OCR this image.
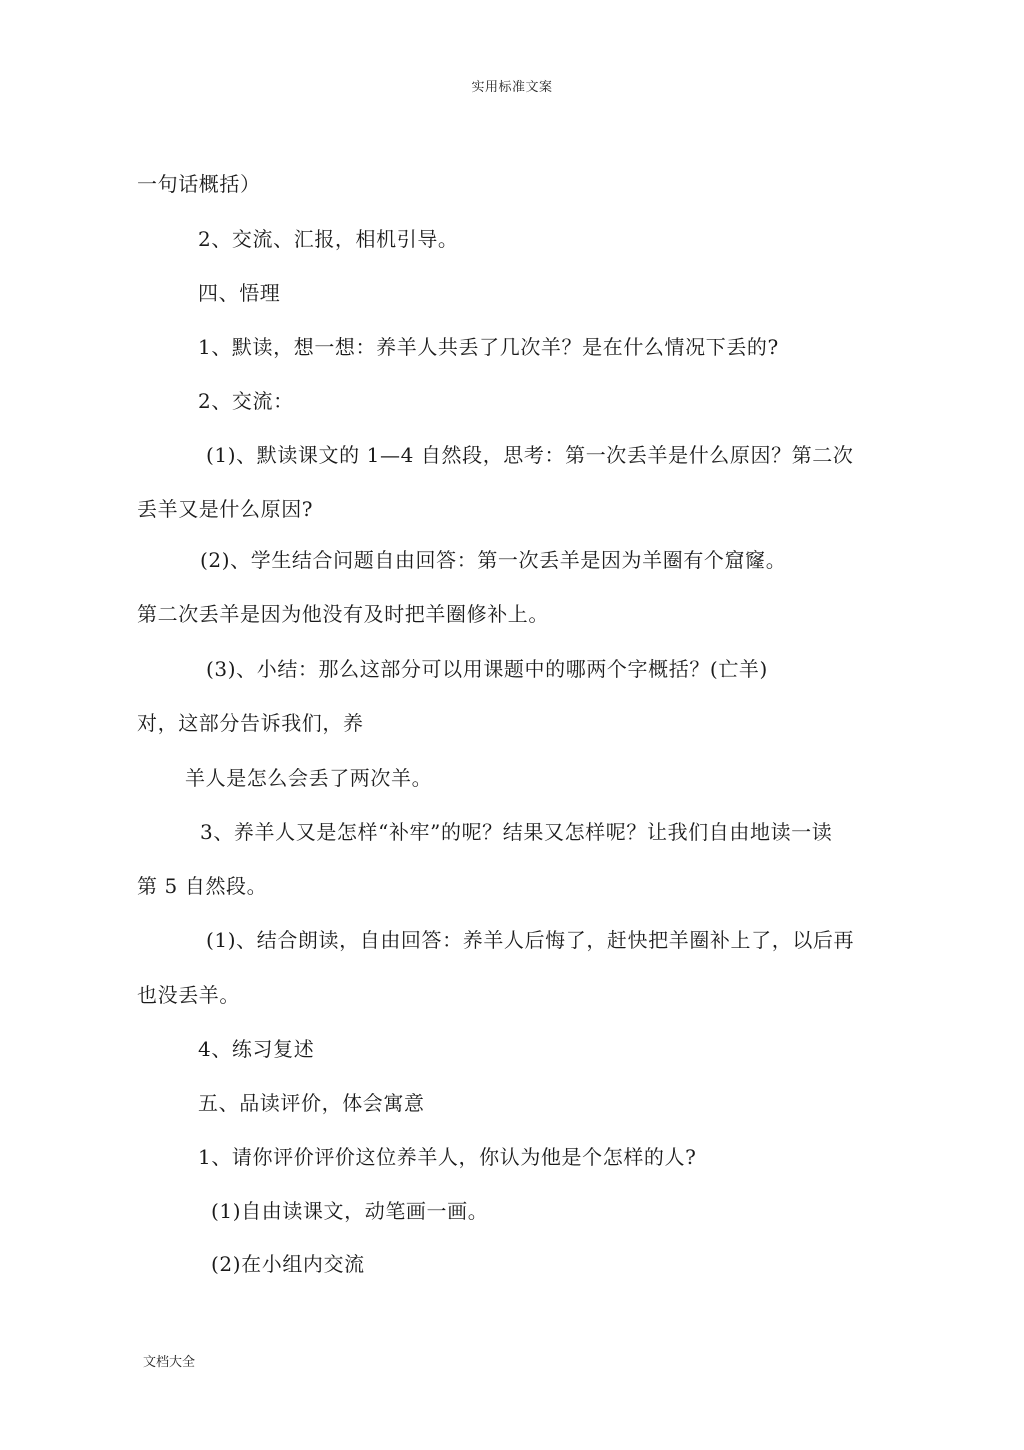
实用标准文案
一句话概括）
2、交流、汇报，相机引导。
四、悟理
1、默读，想一想：养羊人共丢了几次羊？是在什么情况下丢的?
2、交流：
(1)、默读课文的 1—4 自然段，思考：第一次丢羊是什么原因？第二次
丢羊又是什么原因?
(2)、学生结合问题自由回答：第一次丢羊是因为羊圈有个窟窿。
第二次丢羊是因为他没有及时把羊圈修补上。
(3)、小结：那么这部分可以用课题中的哪两个字概括？(亡羊)
对，这部分告诉我们，养
羊人是怎么会丢了两次羊。
3、养羊人又是怎样“补牢”的呢？结果又怎样呢？让我们自由地读一读
第 5 自然段。
(1)、结合朗读，自由回答：养羊人后悔了，赶快把羊圈补上了，以后再
也没丢羊。
4、练习复述
五、品读评价，体会寓意
1、请你评价评价这位养羊人，你认为他是个怎样的人?
(1)自由读课文，动笔画一画。
(2)在小组内交流
文档大全
